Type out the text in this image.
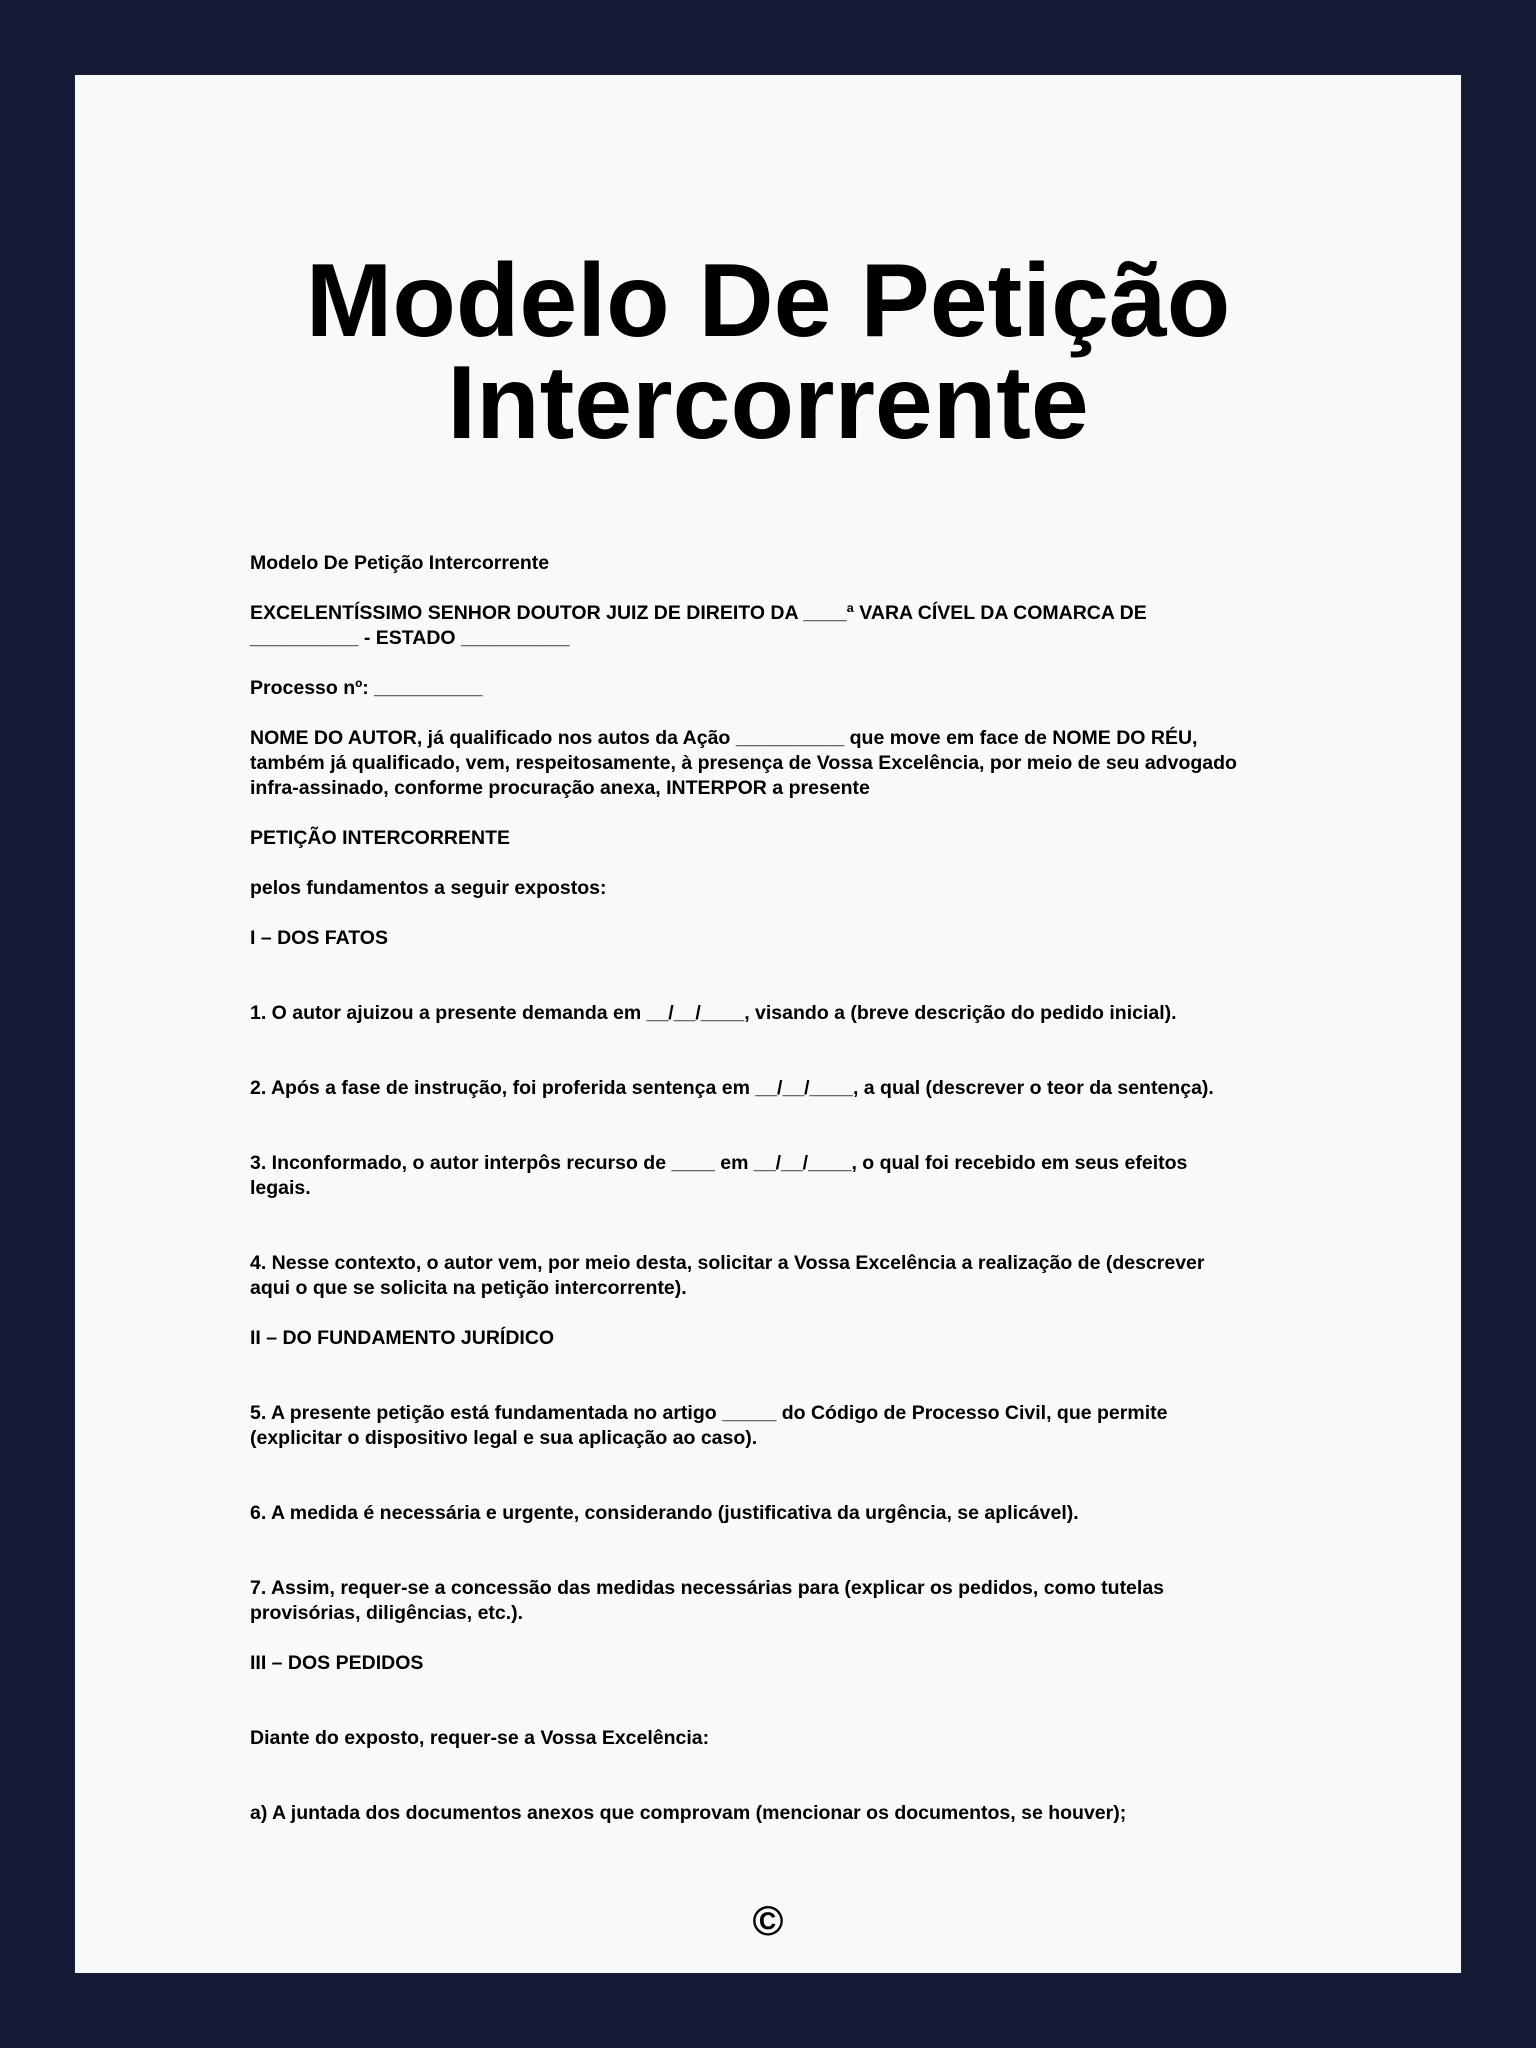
Modelo De Petição
Intercorrente

Modelo De Petição Intercorrente

EXCELENTÍSSIMO SENHOR DOUTOR JUIZ DE DIREITO DA ____ª VARA CÍVEL DA COMARCA DE
__________ - ESTADO __________

Processo nº: __________

NOME DO AUTOR, já qualificado nos autos da Ação __________ que move em face de NOME DO RÉU,
também já qualificado, vem, respeitosamente, à presença de Vossa Excelência, por meio de seu advogado
infra-assinado, conforme procuração anexa, INTERPOR a presente

PETIÇÃO INTERCORRENTE

pelos fundamentos a seguir expostos:

I – DOS FATOS

1. O autor ajuizou a presente demanda em __/__/____, visando a (breve descrição do pedido inicial).

2. Após a fase de instrução, foi proferida sentença em __/__/____, a qual (descrever o teor da sentença).

3. Inconformado, o autor interpôs recurso de ____ em __/__/____, o qual foi recebido em seus efeitos
legais.

4. Nesse contexto, o autor vem, por meio desta, solicitar a Vossa Excelência a realização de (descrever
aqui o que se solicita na petição intercorrente).

II – DO FUNDAMENTO JURÍDICO

5. A presente petição está fundamentada no artigo _____ do Código de Processo Civil, que permite
(explicitar o dispositivo legal e sua aplicação ao caso).

6. A medida é necessária e urgente, considerando (justificativa da urgência, se aplicável).

7. Assim, requer-se a concessão das medidas necessárias para (explicar os pedidos, como tutelas
provisórias, diligências, etc.).

III – DOS PEDIDOS

Diante do exposto, requer-se a Vossa Excelência:

a) A juntada dos documentos anexos que comprovam (mencionar os documentos, se houver);

©
